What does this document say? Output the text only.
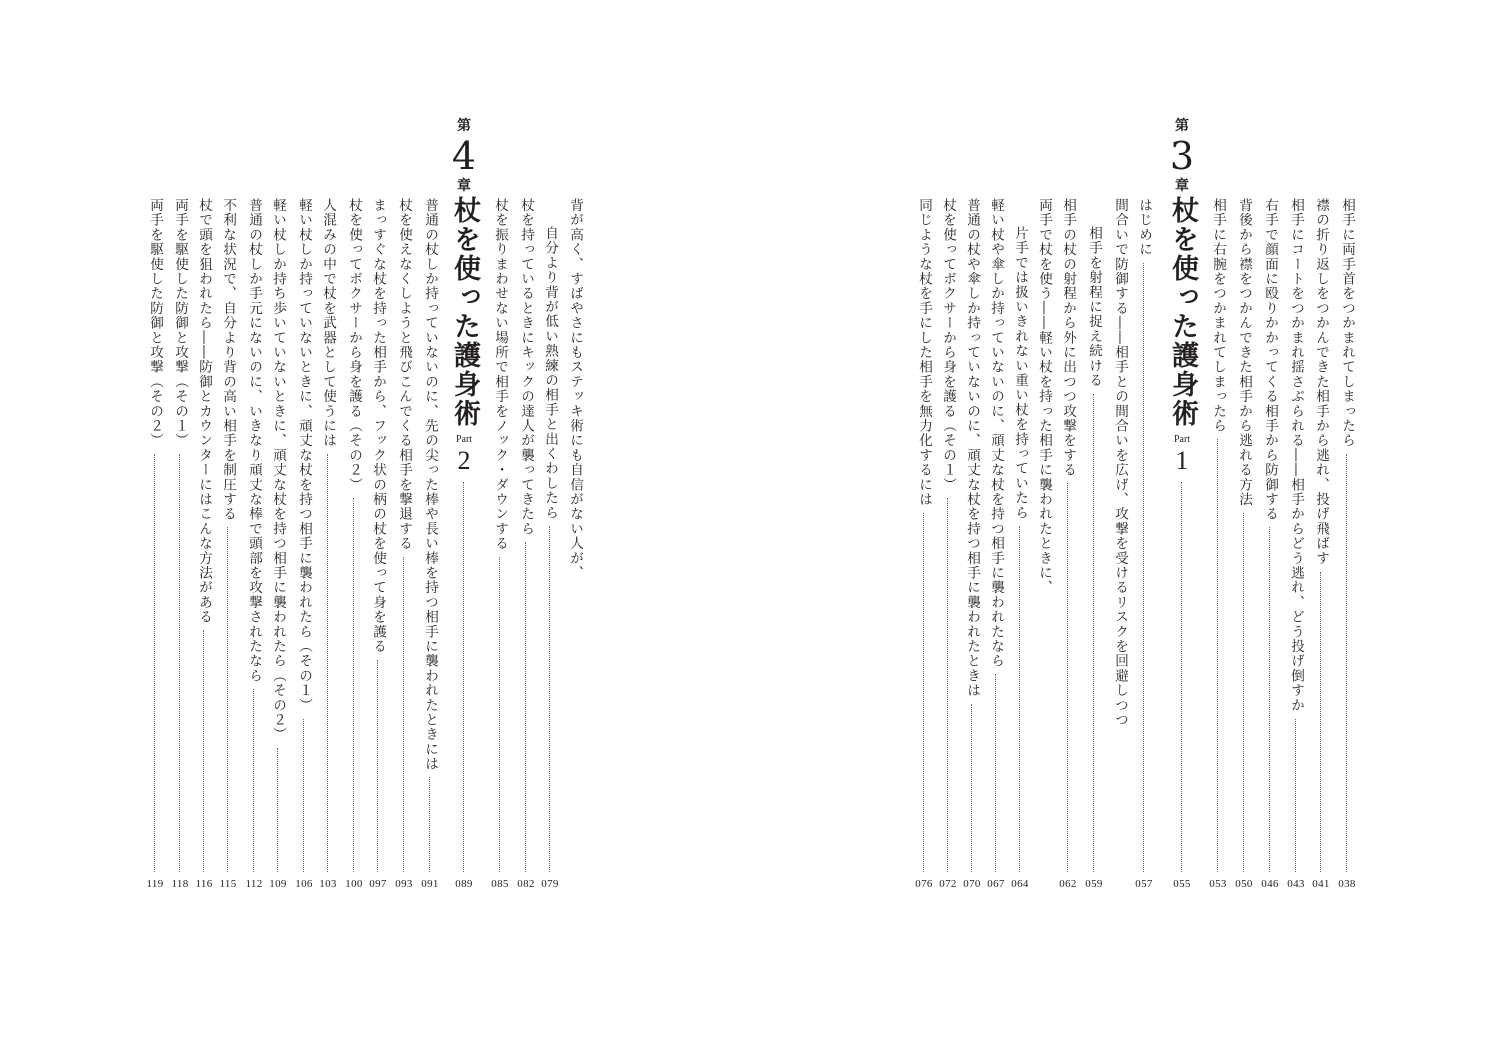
第
3
章
相手に両手首をつかまれてしまったら
038
襟の折り返しをつかんできた相手から逃れ、投げ飛ばす
041
相手にコートをつかまれ揺さぶられる――相手からどう逃れ、どう投げ倒すか
043
右手で顔面に殴りかかってくる相手から防御する
046
背後から襟をつかんできた相手から逃れる方法
050
相手に右腕をつかまれてしまったら
053
杖を使った護身術
Part
1
055
はじめに
057
間合いで防御する――相手との間合いを広げ、攻撃を受けるリスクを回避しつつ
相手を射程に捉え続ける
059
相手の杖の射程から外に出つつ攻撃をする
062
両手で杖を使う――軽い杖を持った相手に襲われたときに、
片手では扱いきれない重い杖を持っていたら
064
軽い杖や傘しか持っていないのに、頑丈な杖を持つ相手に襲われたなら
067
普通の杖や傘しか持っていないのに、頑丈な杖を持つ相手に襲われたときは
070
杖を使ってボクサーから身を護る（その１）
072
同じような杖を手にした相手を無力化するには
076
第
4
章
背が高く、すばやさにもステッキ術にも自信がない人が、
自分より背が低い熟練の相手と出くわしたら
079
杖を持っているときにキックの達人が襲ってきたら
082
杖を振りまわせない場所で相手をノック・ダウンする
085
杖を使った護身術
Part
2
089
普通の杖しか持っていないのに、先の尖った棒や長い棒を持つ相手に襲われたときには
091
杖を使えなくしようと飛びこんでくる相手を撃退する
093
まっすぐな杖を持った相手から、フック状の柄の杖を使って身を護る
097
杖を使ってボクサーから身を護る（その２）
100
人混みの中で杖を武器として使うには
103
軽い杖しか持っていないときに、頑丈な杖を持つ相手に襲われたら（その１）
106
軽い杖しか持ち歩いていないときに、頑丈な杖を持つ相手に襲われたら（その２）
109
普通の杖しか手元にないのに、いきなり頑丈な棒で頭部を攻撃されたなら
112
不利な状況で、自分より背の高い相手を制圧する
115
杖で頭を狙われたら――防御とカウンターにはこんな方法がある
116
両手を駆使した防御と攻撃（その１）
118
両手を駆使した防御と攻撃（その２）
119
